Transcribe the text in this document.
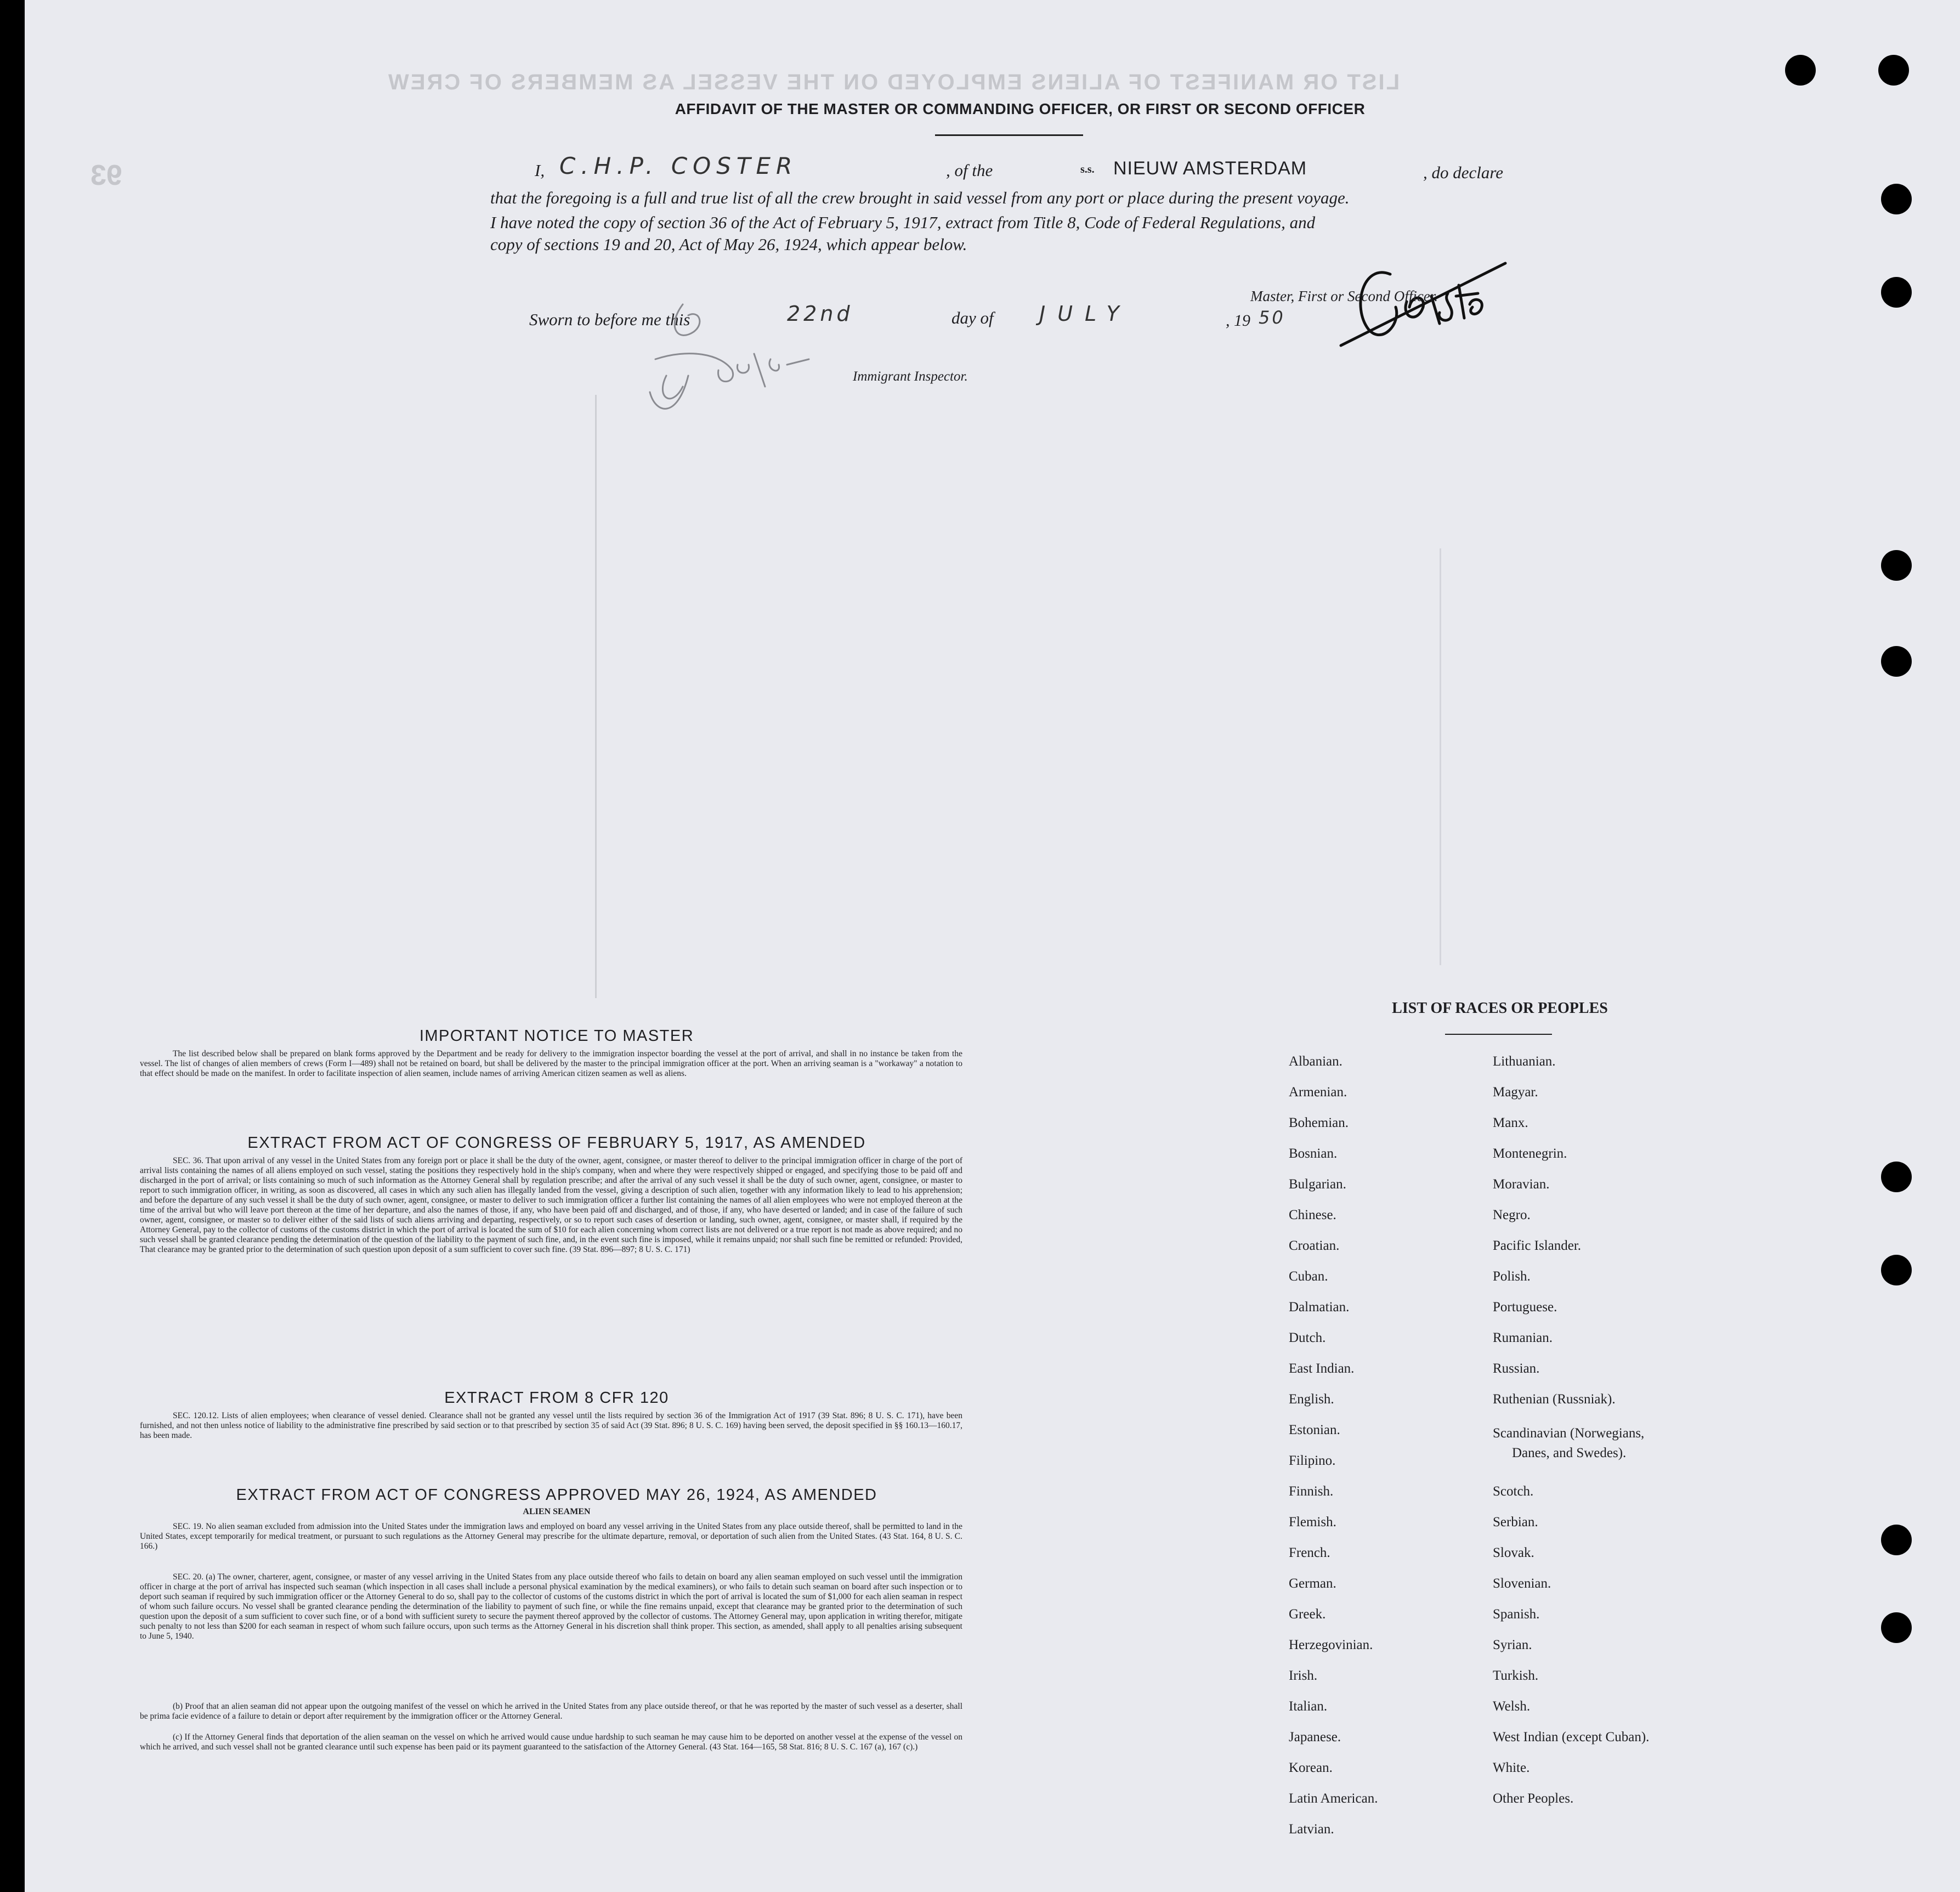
LIST OR MANIFEST OF ALIENS EMPLOYED ON THE VESSEL AS MEMBERS OF CREW
93
AFFIDAVIT OF THE MASTER OR COMMANDING OFFICER, OR FIRST OR SECOND OFFICER
I, C.H.P. COSTER	, of the	s.s. NIEUW AMSTERDAM	, do declare
that the foregoing is a full and true list of all the crew brought in said vessel from any port or place during the present voyage.
I have noted the copy of section 36 of the Act of February 5, 1917, extract from Title 8, Code of Federal Regulations, and
copy of sections 19 and 20, Act of May 26, 1924, which appear below.
Master, First or Second Officer.
Sworn to before me this	22nd	day of JULY	, 19 50
Immigrant Inspector.
IMPORTANT NOTICE TO MASTER
The list described below shall be prepared on blank forms approved by the Department and be ready for delivery to the immigration inspector boarding the vessel at the port of arrival, and shall in no instance be taken from the vessel. The list of changes of alien members of crews (Form I—489) shall not be retained on board, but shall be delivered by the master to the principal immigration officer at the port. When an arriving seaman is a "workaway" a notation to that effect should be made on the manifest. In order to facilitate inspection of alien seamen, include names of arriving American citizen seamen as well as aliens.
EXTRACT FROM ACT OF CONGRESS OF FEBRUARY 5, 1917, AS AMENDED
SEC. 36. That upon arrival of any vessel in the United States from any foreign port or place it shall be the duty of the owner, agent, consignee, or master thereof to deliver to the principal immigration officer in charge of the port of arrival lists containing the names of all aliens employed on such vessel, stating the positions they respectively hold in the ship's company, when and where they were respectively shipped or engaged, and specifying those to be paid off and discharged in the port of arrival; or lists containing so much of such information as the Attorney General shall by regulation prescribe; and after the arrival of any such vessel it shall be the duty of such owner, agent, consignee, or master to report to such immigration officer, in writing, as soon as discovered, all cases in which any such alien has illegally landed from the vessel, giving a description of such alien, together with any information likely to lead to his apprehension; and before the departure of any such vessel it shall be the duty of such owner, agent, consignee, or master to deliver to such immigration officer a further list containing the names of all alien employees who were not employed thereon at the time of the arrival but who will leave port thereon at the time of her departure, and also the names of those, if any, who have been paid off and discharged, and of those, if any, who have deserted or landed; and in case of the failure of such owner, agent, consignee, or master so to deliver either of the said lists of such aliens arriving and departing, respectively, or so to report such cases of desertion or landing, such owner, agent, consignee, or master shall, if required by the Attorney General, pay to the collector of customs of the customs district in which the port of arrival is located the sum of $10 for each alien concerning whom correct lists are not delivered or a true report is not made as above required; and no such vessel shall be granted clearance pending the determination of the question of the liability to the payment of such fine, and, in the event such fine is imposed, while it remains unpaid; nor shall such fine be remitted or refunded: Provided, That clearance may be granted prior to the determination of such question upon deposit of a sum sufficient to cover such fine. (39 Stat. 896—897; 8 U. S. C. 171)
EXTRACT FROM 8 CFR 120
SEC. 120.12. Lists of alien employees; when clearance of vessel denied. Clearance shall not be granted any vessel until the lists required by section 36 of the Immigration Act of 1917 (39 Stat. 896; 8 U. S. C. 171), have been furnished, and not then unless notice of liability to the administrative fine prescribed by said section or to that prescribed by section 35 of said Act (39 Stat. 896; 8 U. S. C. 169) having been served, the deposit specified in §§ 160.13—160.17, has been made.
EXTRACT FROM ACT OF CONGRESS APPROVED MAY 26, 1924, AS AMENDED
ALIEN SEAMEN
SEC. 19. No alien seaman excluded from admission into the United States under the immigration laws and employed on board any vessel arriving in the United States from any place outside thereof, shall be permitted to land in the United States, except temporarily for medical treatment, or pursuant to such regulations as the Attorney General may prescribe for the ultimate departure, removal, or deportation of such alien from the United States. (43 Stat. 164, 8 U. S. C. 166.)
SEC. 20. (a) The owner, charterer, agent, consignee, or master of any vessel arriving in the United States from any place outside thereof who fails to detain on board any alien seaman employed on such vessel until the immigration officer in charge at the port of arrival has inspected such seaman (which inspection in all cases shall include a personal physical examination by the medical examiners), or who fails to detain such seaman on board after such inspection or to deport such seaman if required by such immigration officer or the Attorney General to do so, shall pay to the collector of customs of the customs district in which the port of arrival is located the sum of $1,000 for each alien seaman in respect of whom such failure occurs. No vessel shall be granted clearance pending the determination of the liability to payment of such fine, or while the fine remains unpaid, except that clearance may be granted prior to the determination of such question upon the deposit of a sum sufficient to cover such fine, or of a bond with sufficient surety to secure the payment thereof approved by the collector of customs. The Attorney General may, upon application in writing therefor, mitigate such penalty to not less than $200 for each seaman in respect of whom such failure occurs, upon such terms as the Attorney General in his discretion shall think proper. This section, as amended, shall apply to all penalties arising subsequent to June 5, 1940.
(b) Proof that an alien seaman did not appear upon the outgoing manifest of the vessel on which he arrived in the United States from any place outside thereof, or that he was reported by the master of such vessel as a deserter, shall be prima facie evidence of a failure to detain or deport after requirement by the immigration officer or the Attorney General.
(c) If the Attorney General finds that deportation of the alien seaman on the vessel on which he arrived would cause undue hardship to such seaman he may cause him to be deported on another vessel at the expense of the vessel on which he arrived, and such vessel shall not be granted clearance until such expense has been paid or its payment guaranteed to the satisfaction of the Attorney General. (43 Stat. 164—165, 58 Stat. 816; 8 U. S. C. 167 (a), 167 (c).)
LIST OF RACES OR PEOPLES
Albanian.
Armenian.
Bohemian.
Bosnian.
Bulgarian.
Chinese.
Croatian.
Cuban.
Dalmatian.
Dutch.
East Indian.
English.
Estonian.
Filipino.
Finnish.
Flemish.
French.
German.
Greek.
Herzegovinian.
Irish.
Italian.
Japanese.
Korean.
Latin American.
Latvian.
Lithuanian.
Magyar.
Manx.
Montenegrin.
Moravian.
Negro.
Pacific Islander.
Polish.
Portuguese.
Rumanian.
Russian.
Ruthenian (Russniak).
Scandinavian (Norwegians,
Danes, and Swedes).
Scotch.
Serbian.
Slovak.
Slovenian.
Spanish.
Syrian.
Turkish.
Welsh.
West Indian (except Cuban).
White.
Other Peoples.
